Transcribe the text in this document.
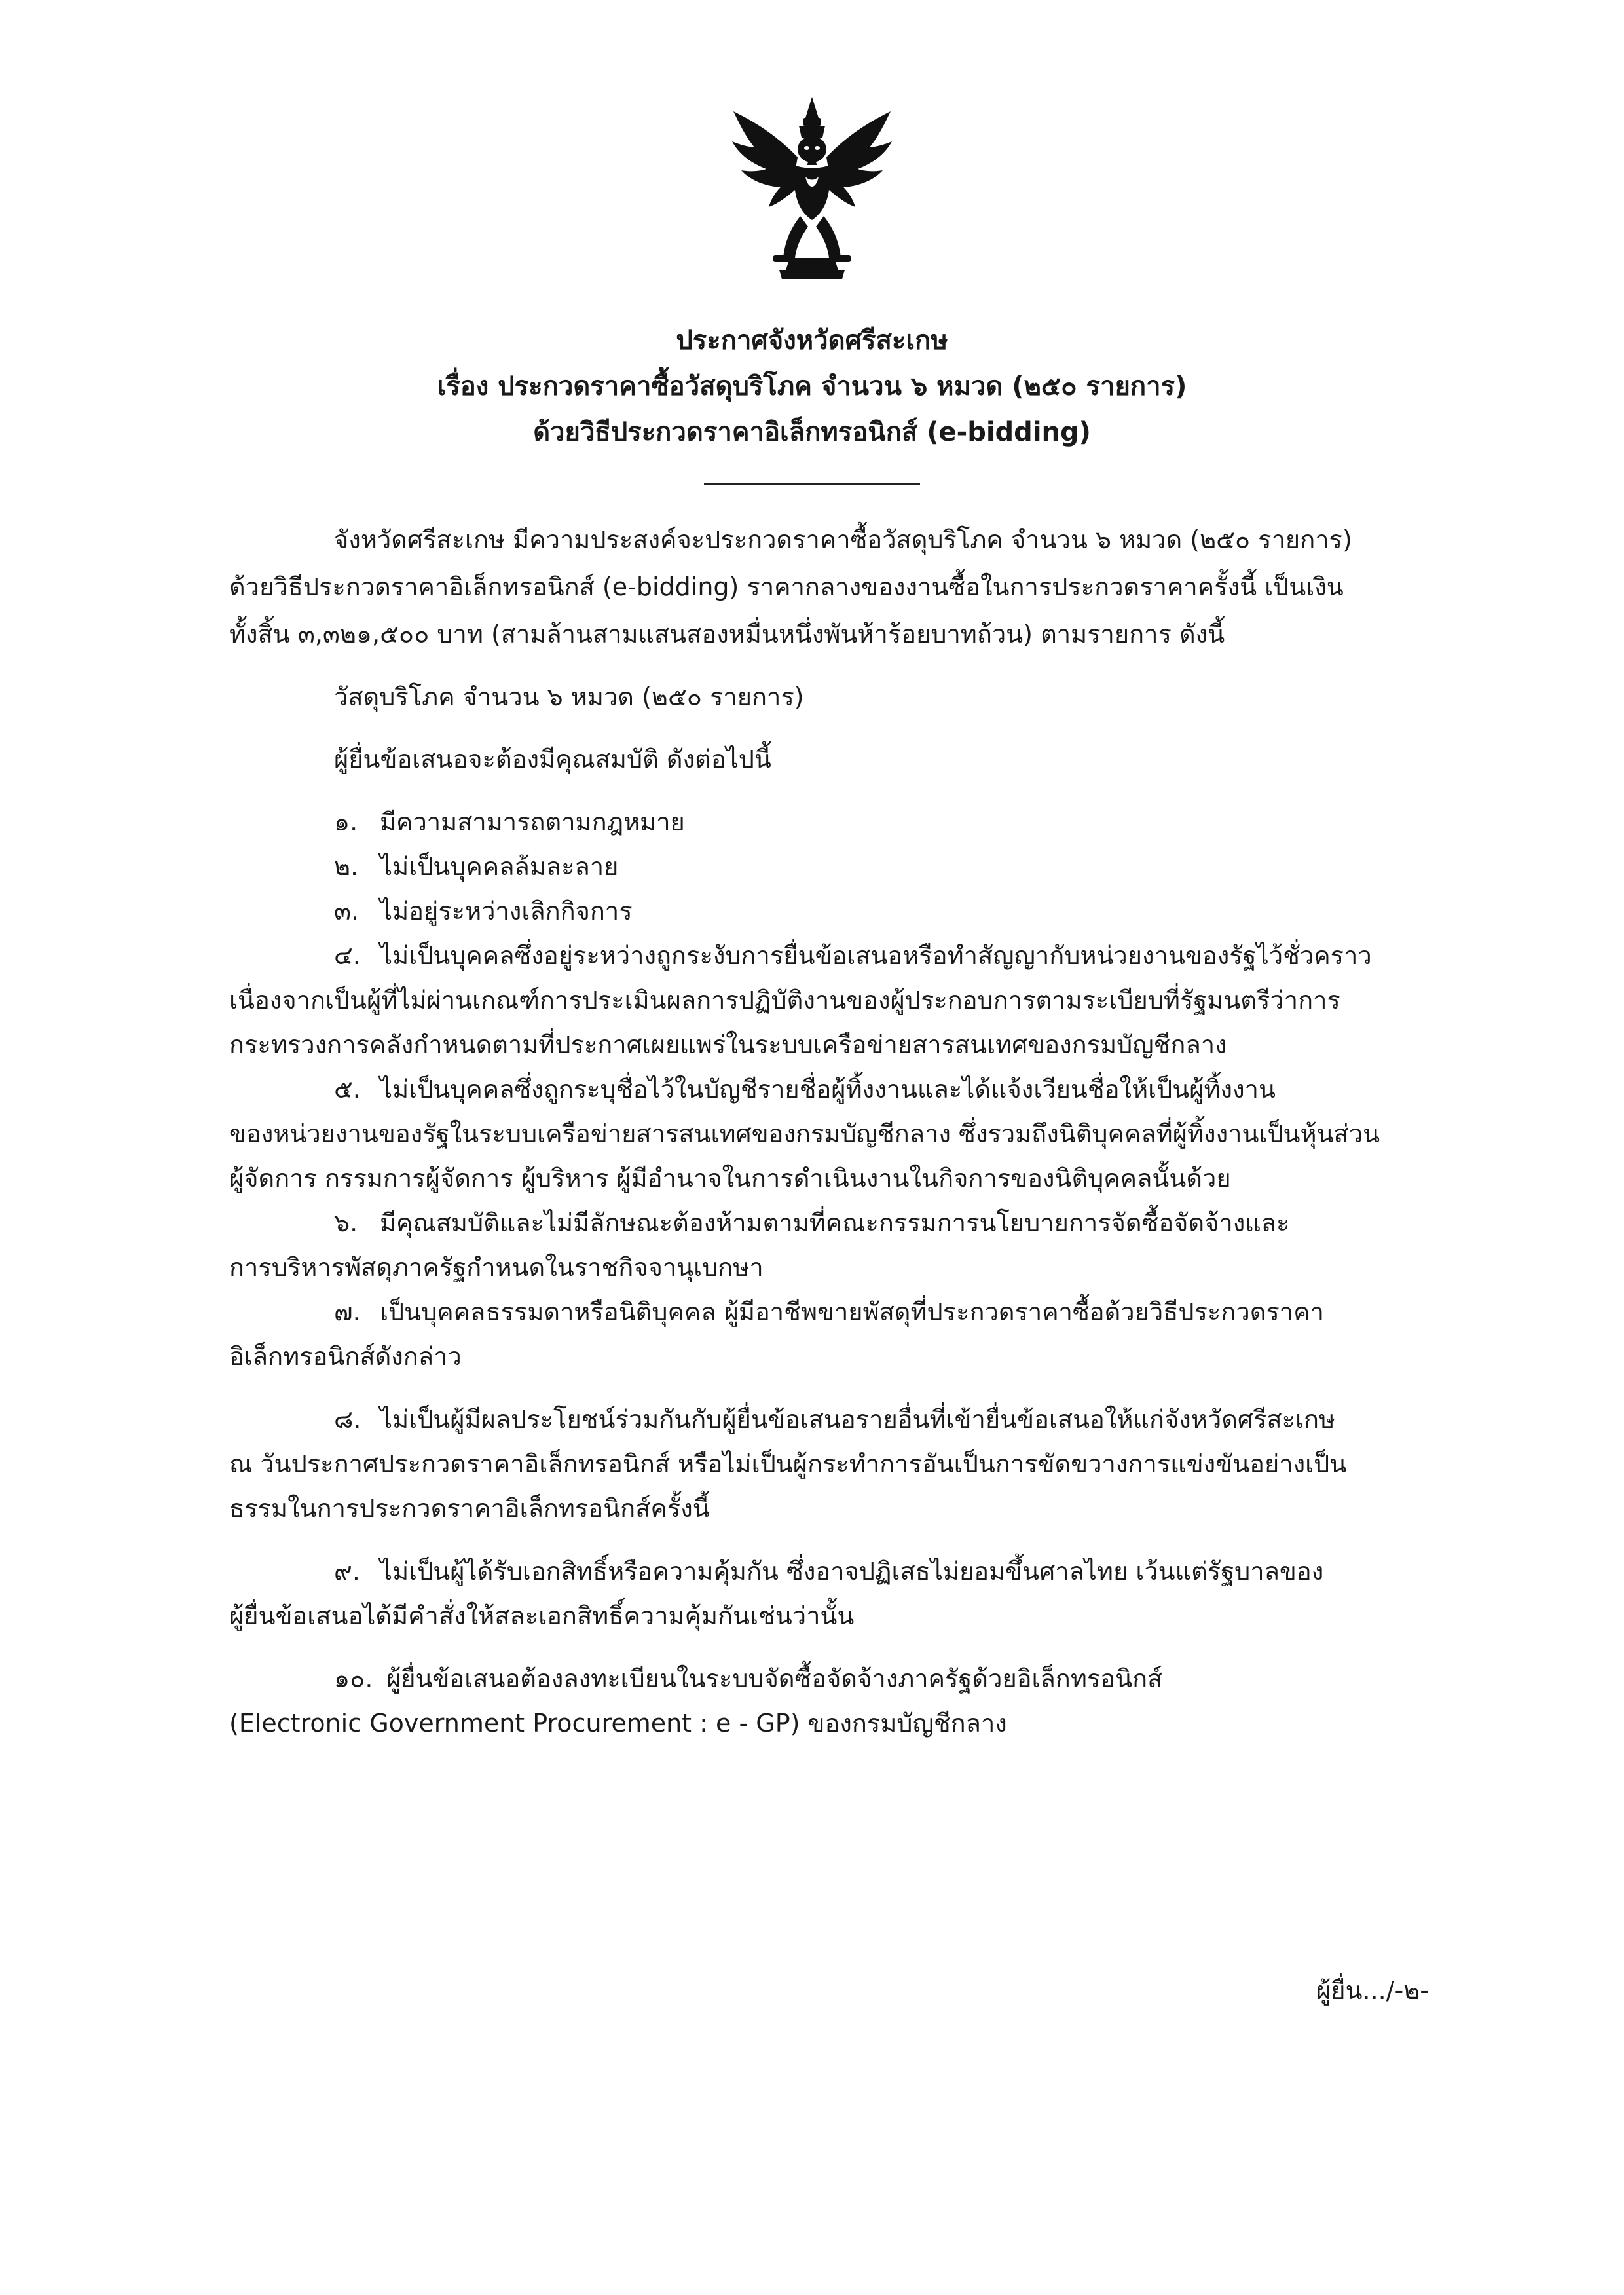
ประกาศจังหวัดศรีสะเกษ
เรื่อง ประกวดราคาซื้อวัสดุบริโภค จำนวน ๖ หมวด (๒๕๐ รายการ)
ด้วยวิธีประกวดราคาอิเล็กทรอนิกส์ (e-bidding)
จังหวัดศรีสะเกษ มีความประสงค์จะประกวดราคาซื้อวัสดุบริโภค จำนวน ๖ หมวด (๒๕๐ รายการ)
ด้วยวิธีประกวดราคาอิเล็กทรอนิกส์ (e-bidding) ราคากลางของงานซื้อในการประกวดราคาครั้งนี้ เป็นเงิน
ทั้งสิ้น ๓,๓๒๑,๕๐๐ บาท (สามล้านสามแสนสองหมื่นหนึ่งพันห้าร้อยบาทถ้วน) ตามรายการ ดังนี้
วัสดุบริโภค จำนวน ๖ หมวด (๒๕๐ รายการ)
ผู้ยื่นข้อเสนอจะต้องมีคุณสมบัติ ดังต่อไปนี้
๑. มีความสามารถตามกฎหมาย
๒. ไม่เป็นบุคคลล้มละลาย
๓. ไม่อยู่ระหว่างเลิกกิจการ
๔. ไม่เป็นบุคคลซึ่งอยู่ระหว่างถูกระงับการยื่นข้อเสนอหรือทำสัญญากับหน่วยงานของรัฐไว้ชั่วคราว
เนื่องจากเป็นผู้ที่ไม่ผ่านเกณฑ์การประเมินผลการปฏิบัติงานของผู้ประกอบการตามระเบียบที่รัฐมนตรีว่าการ
กระทรวงการคลังกำหนดตามที่ประกาศเผยแพร่ในระบบเครือข่ายสารสนเทศของกรมบัญชีกลาง
๕. ไม่เป็นบุคคลซึ่งถูกระบุชื่อไว้ในบัญชีรายชื่อผู้ทิ้งงานและได้แจ้งเวียนชื่อให้เป็นผู้ทิ้งงาน
ของหน่วยงานของรัฐในระบบเครือข่ายสารสนเทศของกรมบัญชีกลาง ซึ่งรวมถึงนิติบุคคลที่ผู้ทิ้งงานเป็นหุ้นส่วน
ผู้จัดการ กรรมการผู้จัดการ ผู้บริหาร ผู้มีอำนาจในการดำเนินงานในกิจการของนิติบุคคลนั้นด้วย
๖. มีคุณสมบัติและไม่มีลักษณะต้องห้ามตามที่คณะกรรมการนโยบายการจัดซื้อจัดจ้างและ
การบริหารพัสดุภาครัฐกำหนดในราชกิจจานุเบกษา
๗. เป็นบุคคลธรรมดาหรือนิติบุคคล ผู้มีอาชีพขายพัสดุที่ประกวดราคาซื้อด้วยวิธีประกวดราคา
อิเล็กทรอนิกส์ดังกล่าว
๘. ไม่เป็นผู้มีผลประโยชน์ร่วมกันกับผู้ยื่นข้อเสนอรายอื่นที่เข้ายื่นข้อเสนอให้แก่จังหวัดศรีสะเกษ
ณ วันประกาศประกวดราคาอิเล็กทรอนิกส์ หรือไม่เป็นผู้กระทำการอันเป็นการขัดขวางการแข่งขันอย่างเป็น
ธรรมในการประกวดราคาอิเล็กทรอนิกส์ครั้งนี้
๙. ไม่เป็นผู้ได้รับเอกสิทธิ์หรือความคุ้มกัน ซึ่งอาจปฏิเสธไม่ยอมขึ้นศาลไทย เว้นแต่รัฐบาลของ
ผู้ยื่นข้อเสนอได้มีคำสั่งให้สละเอกสิทธิ์ความคุ้มกันเช่นว่านั้น
๑๐. ผู้ยื่นข้อเสนอต้องลงทะเบียนในระบบจัดซื้อจัดจ้างภาครัฐด้วยอิเล็กทรอนิกส์
(Electronic Government Procurement : e - GP) ของกรมบัญชีกลาง
ผู้ยื่น.../-๒-
